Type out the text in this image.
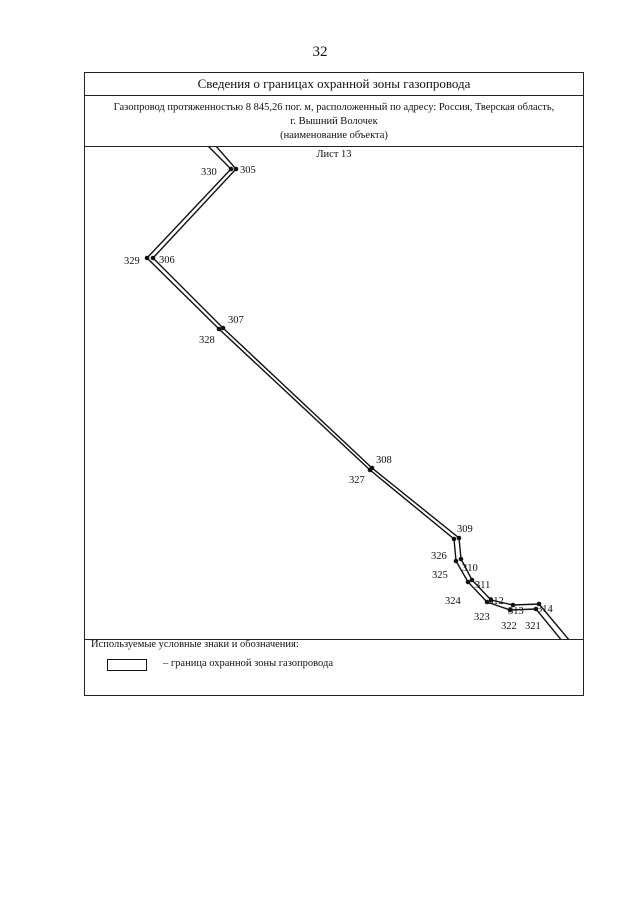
32
Сведения о границах охранной зоны газопровода
Газопровод протяженностью 8 845,26 пог. м, расположенный по адресу: Россия, Тверская область,
г. Вышний Волочек
(наименование объекта)
Лист 13
330 305
329 306
307
328
308
327
309
326
310
325
311
324	312
323
313
322
314
321
Используемые условные знаки и обозначения:
– граница охранной зоны газопровода
